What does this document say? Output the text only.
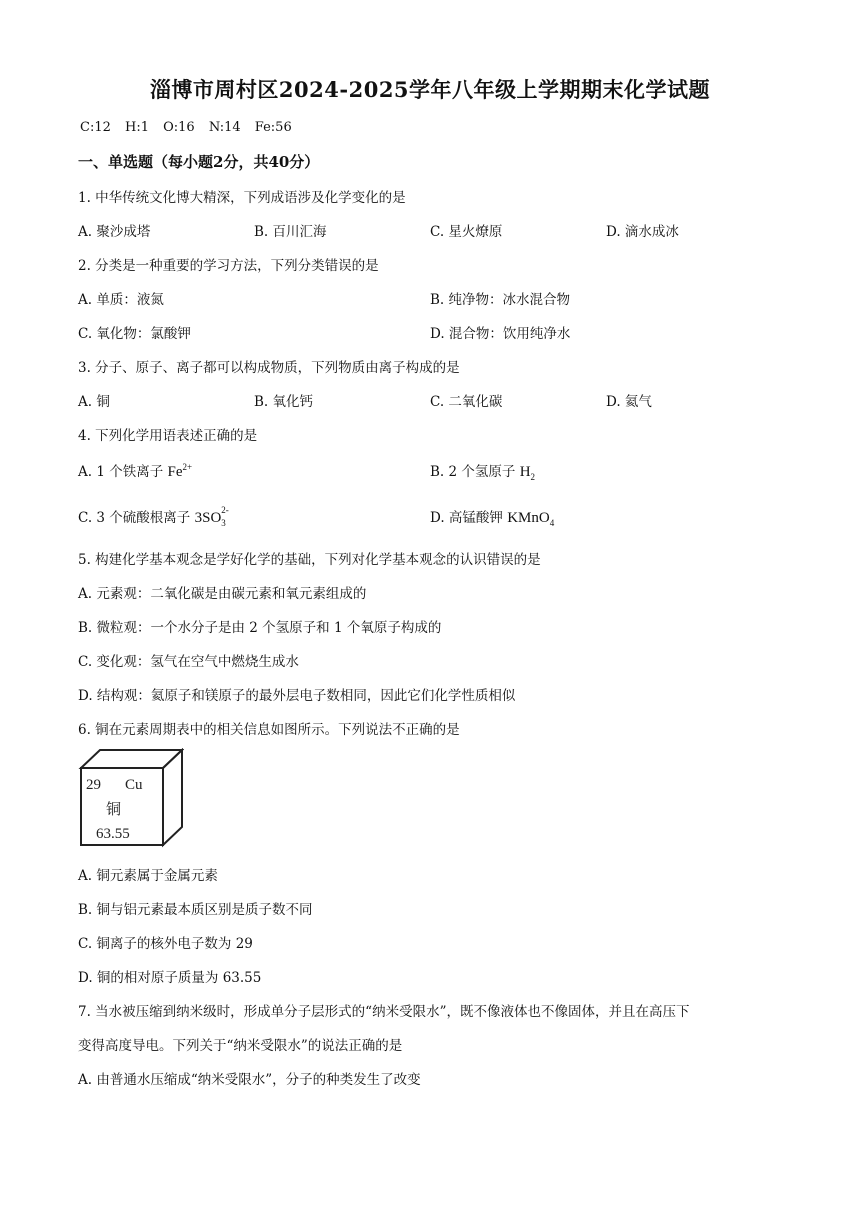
淄博市周村区2024-2025学年八年级上学期期末化学试题
C:12 H:1 O:16 N:14 Fe:56
一、单选题（每小题2分，共40分）
1. 中华传统文化博大精深，下列成语涉及化学变化的是
A. 聚沙成塔	B. 百川汇海	C. 星火燎原	D. 滴水成冰
2. 分类是一种重要的学习方法，下列分类错误的是
A. 单质：液氮	B. 纯净物：冰水混合物
C. 氧化物：氯酸钾	D. 混合物：饮用纯净水
3. 分子、原子、离子都可以构成物质，下列物质由离子构成的是
A. 铜	B. 氧化钙	C. 二氧化碳	D. 氦气
4. 下列化学用语表述正确的是
A. 1 个铁离子 $Fe^{2+}$	B. 2 个氢原子 $H_2$
C. 3 个硫酸根离子 3SO
2-
3	D. 高锰酸钾 KMnO$_4$
5. 构建化学基本观念是学好化学的基础，下列对化学基本观念的认识错误的是
A. 元素观：二氧化碳是由碳元素和氧元素组成的
B. 微粒观：一个水分子是由 2 个氢原子和 1 个氧原子构成的
C. 变化观：氢气在空气中燃烧生成水
D. 结构观：氦原子和镁原子的最外层电子数相同，因此它们化学性质相似
6. 铜在元素周期表中的相关信息如图所示。下列说法不正确的是
29 Cu
铜
63.55
A. 铜元素属于金属元素
B. 铜与铝元素最本质区别是质子数不同
C. 铜离子的核外电子数为 29
D. 铜的相对原子质量为 63.55
7. 当水被压缩到纳米级时，形成单分子层形式的“纳米受限水”，既不像液体也不像固体，并且在高压下
变得高度导电。下列关于“纳米受限水”的说法正确的是
A. 由普通水压缩成“纳米受限水”，分子的种类发生了改变
